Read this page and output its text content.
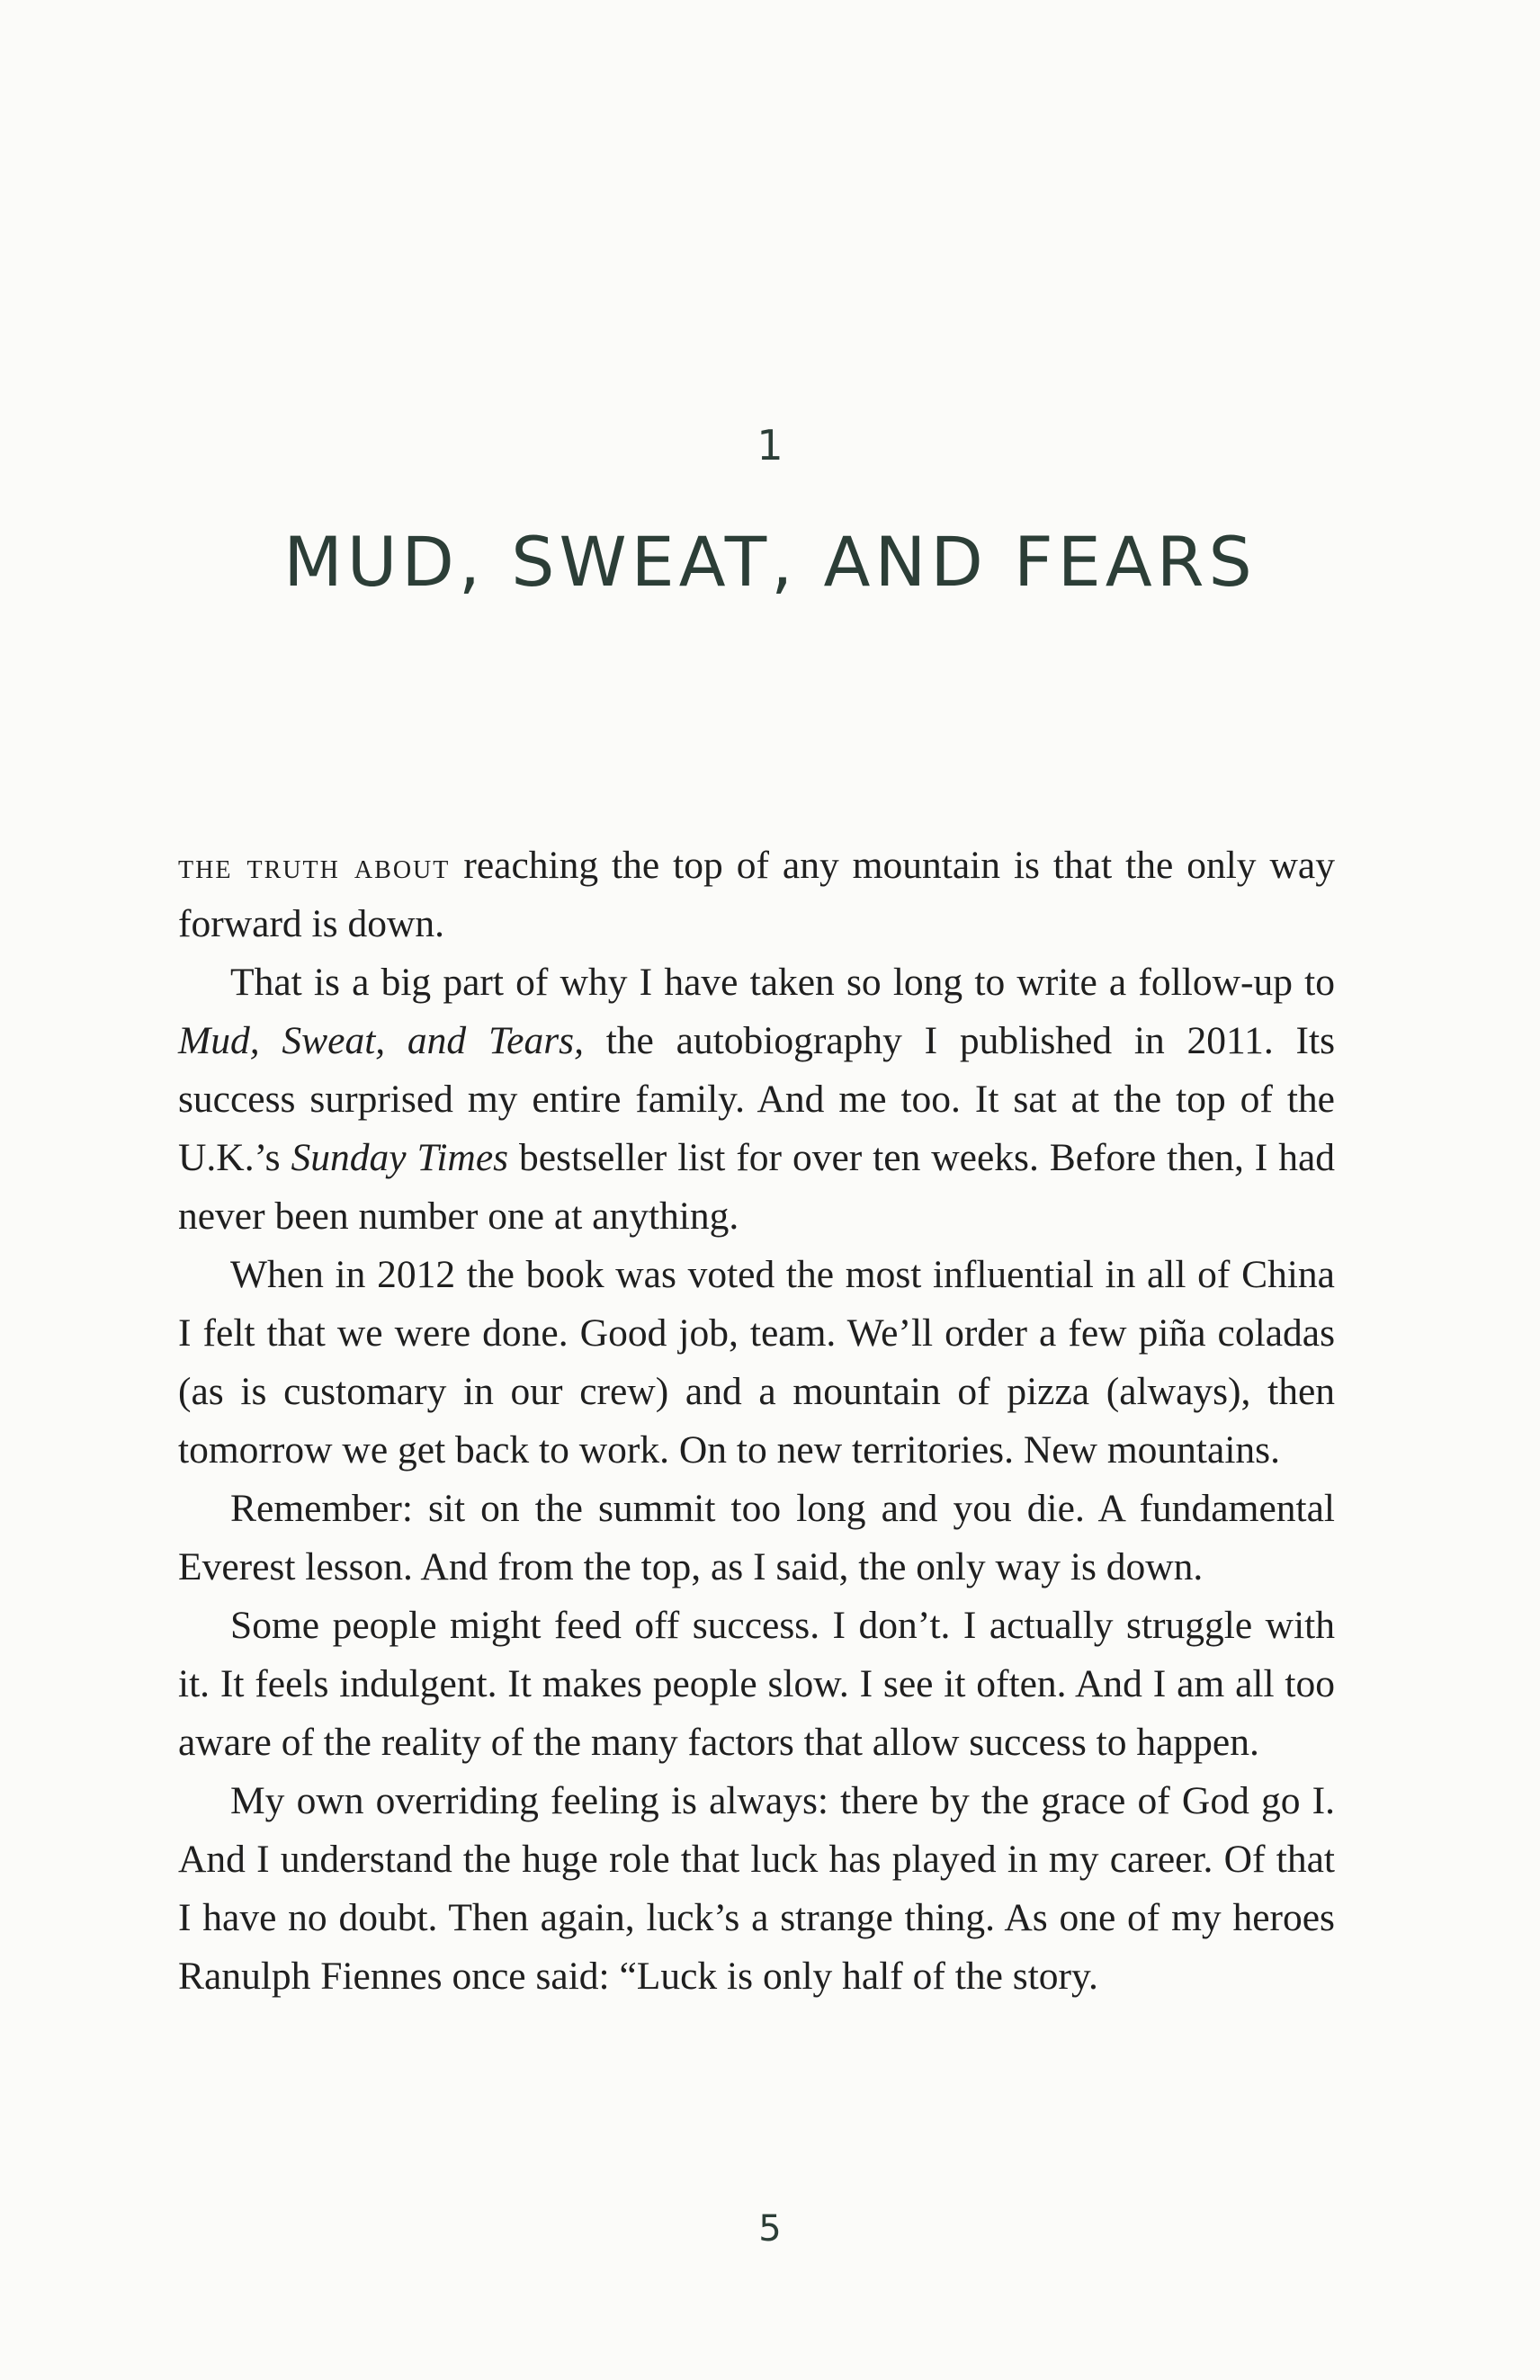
1
MUD, SWEAT, AND FEARS

the truth about reaching the top of any mountain is that the only way forward is down.

That is a big part of why I have taken so long to write a follow-up to Mud, Sweat, and Tears, the autobiography I published in 2011. Its success surprised my entire family. And me too. It sat at the top of the U.K.’s Sunday Times bestseller list for over ten weeks. Before then, I had never been number one at anything.

When in 2012 the book was voted the most influential in all of China I felt that we were done. Good job, team. We’ll order a few piña coladas (as is customary in our crew) and a mountain of pizza (always), then tomorrow we get back to work. On to new territories. New mountains.

Remember: sit on the summit too long and you die. A fundamental Everest lesson. And from the top, as I said, the only way is down.

Some people might feed off success. I don’t. I actually struggle with it. It feels indulgent. It makes people slow. I see it often. And I am all too aware of the reality of the many factors that allow success to happen.

My own overriding feeling is always: there by the grace of God go I. And I understand the huge role that luck has played in my career. Of that I have no doubt. Then again, luck’s a strange thing. As one of my heroes Ranulph Fiennes once said: “Luck is only half of the story.

5
